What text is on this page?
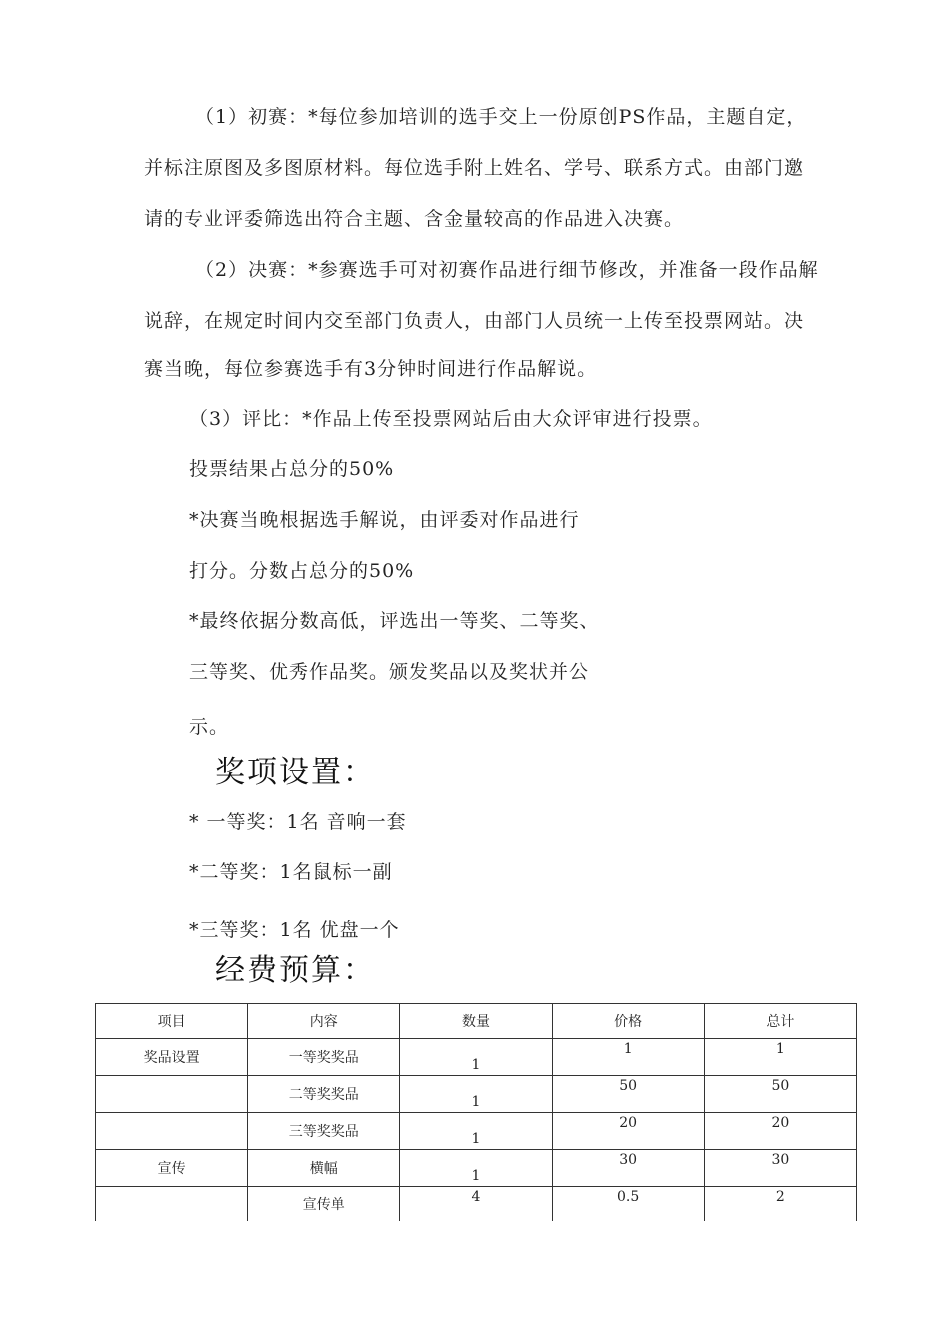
（1）初赛：*每位参加培训的选手交上一份原创PS作品，主题自定，
并标注原图及多图原材料。每位选手附上姓名、学号、联系方式。由部门邀
请的专业评委筛选出符合主题、含金量较高的作品进入决赛。
（2）决赛：*参赛选手可对初赛作品进行细节修改，并准备一段作品解
说辞，在规定时间内交至部门负责人，由部门人员统一上传至投票网站。决
赛当晚，每位参赛选手有3分钟时间进行作品解说。
（3）评比：*作品上传至投票网站后由大众评审进行投票。
投票结果占总分的50%
*决赛当晚根据选手解说，由评委对作品进行
打分。分数占总分的50%
*最终依据分数高低，评选出一等奖、二等奖、
三等奖、优秀作品奖。颁发奖品以及奖状并公
示。
奖项设置：
* 一等奖：1名 音响一套
*二等奖：1名鼠标一副
*三等奖：1名 优盘一个
经费预算：
项目	内容	数量	价格	总计
奖品设置	一等奖奖品	1	1	1
	二等奖奖品	1	50	50
	三等奖奖品	1	20	20
宣传	横幅	1	30	30
	宣传单	4	0.5	2
